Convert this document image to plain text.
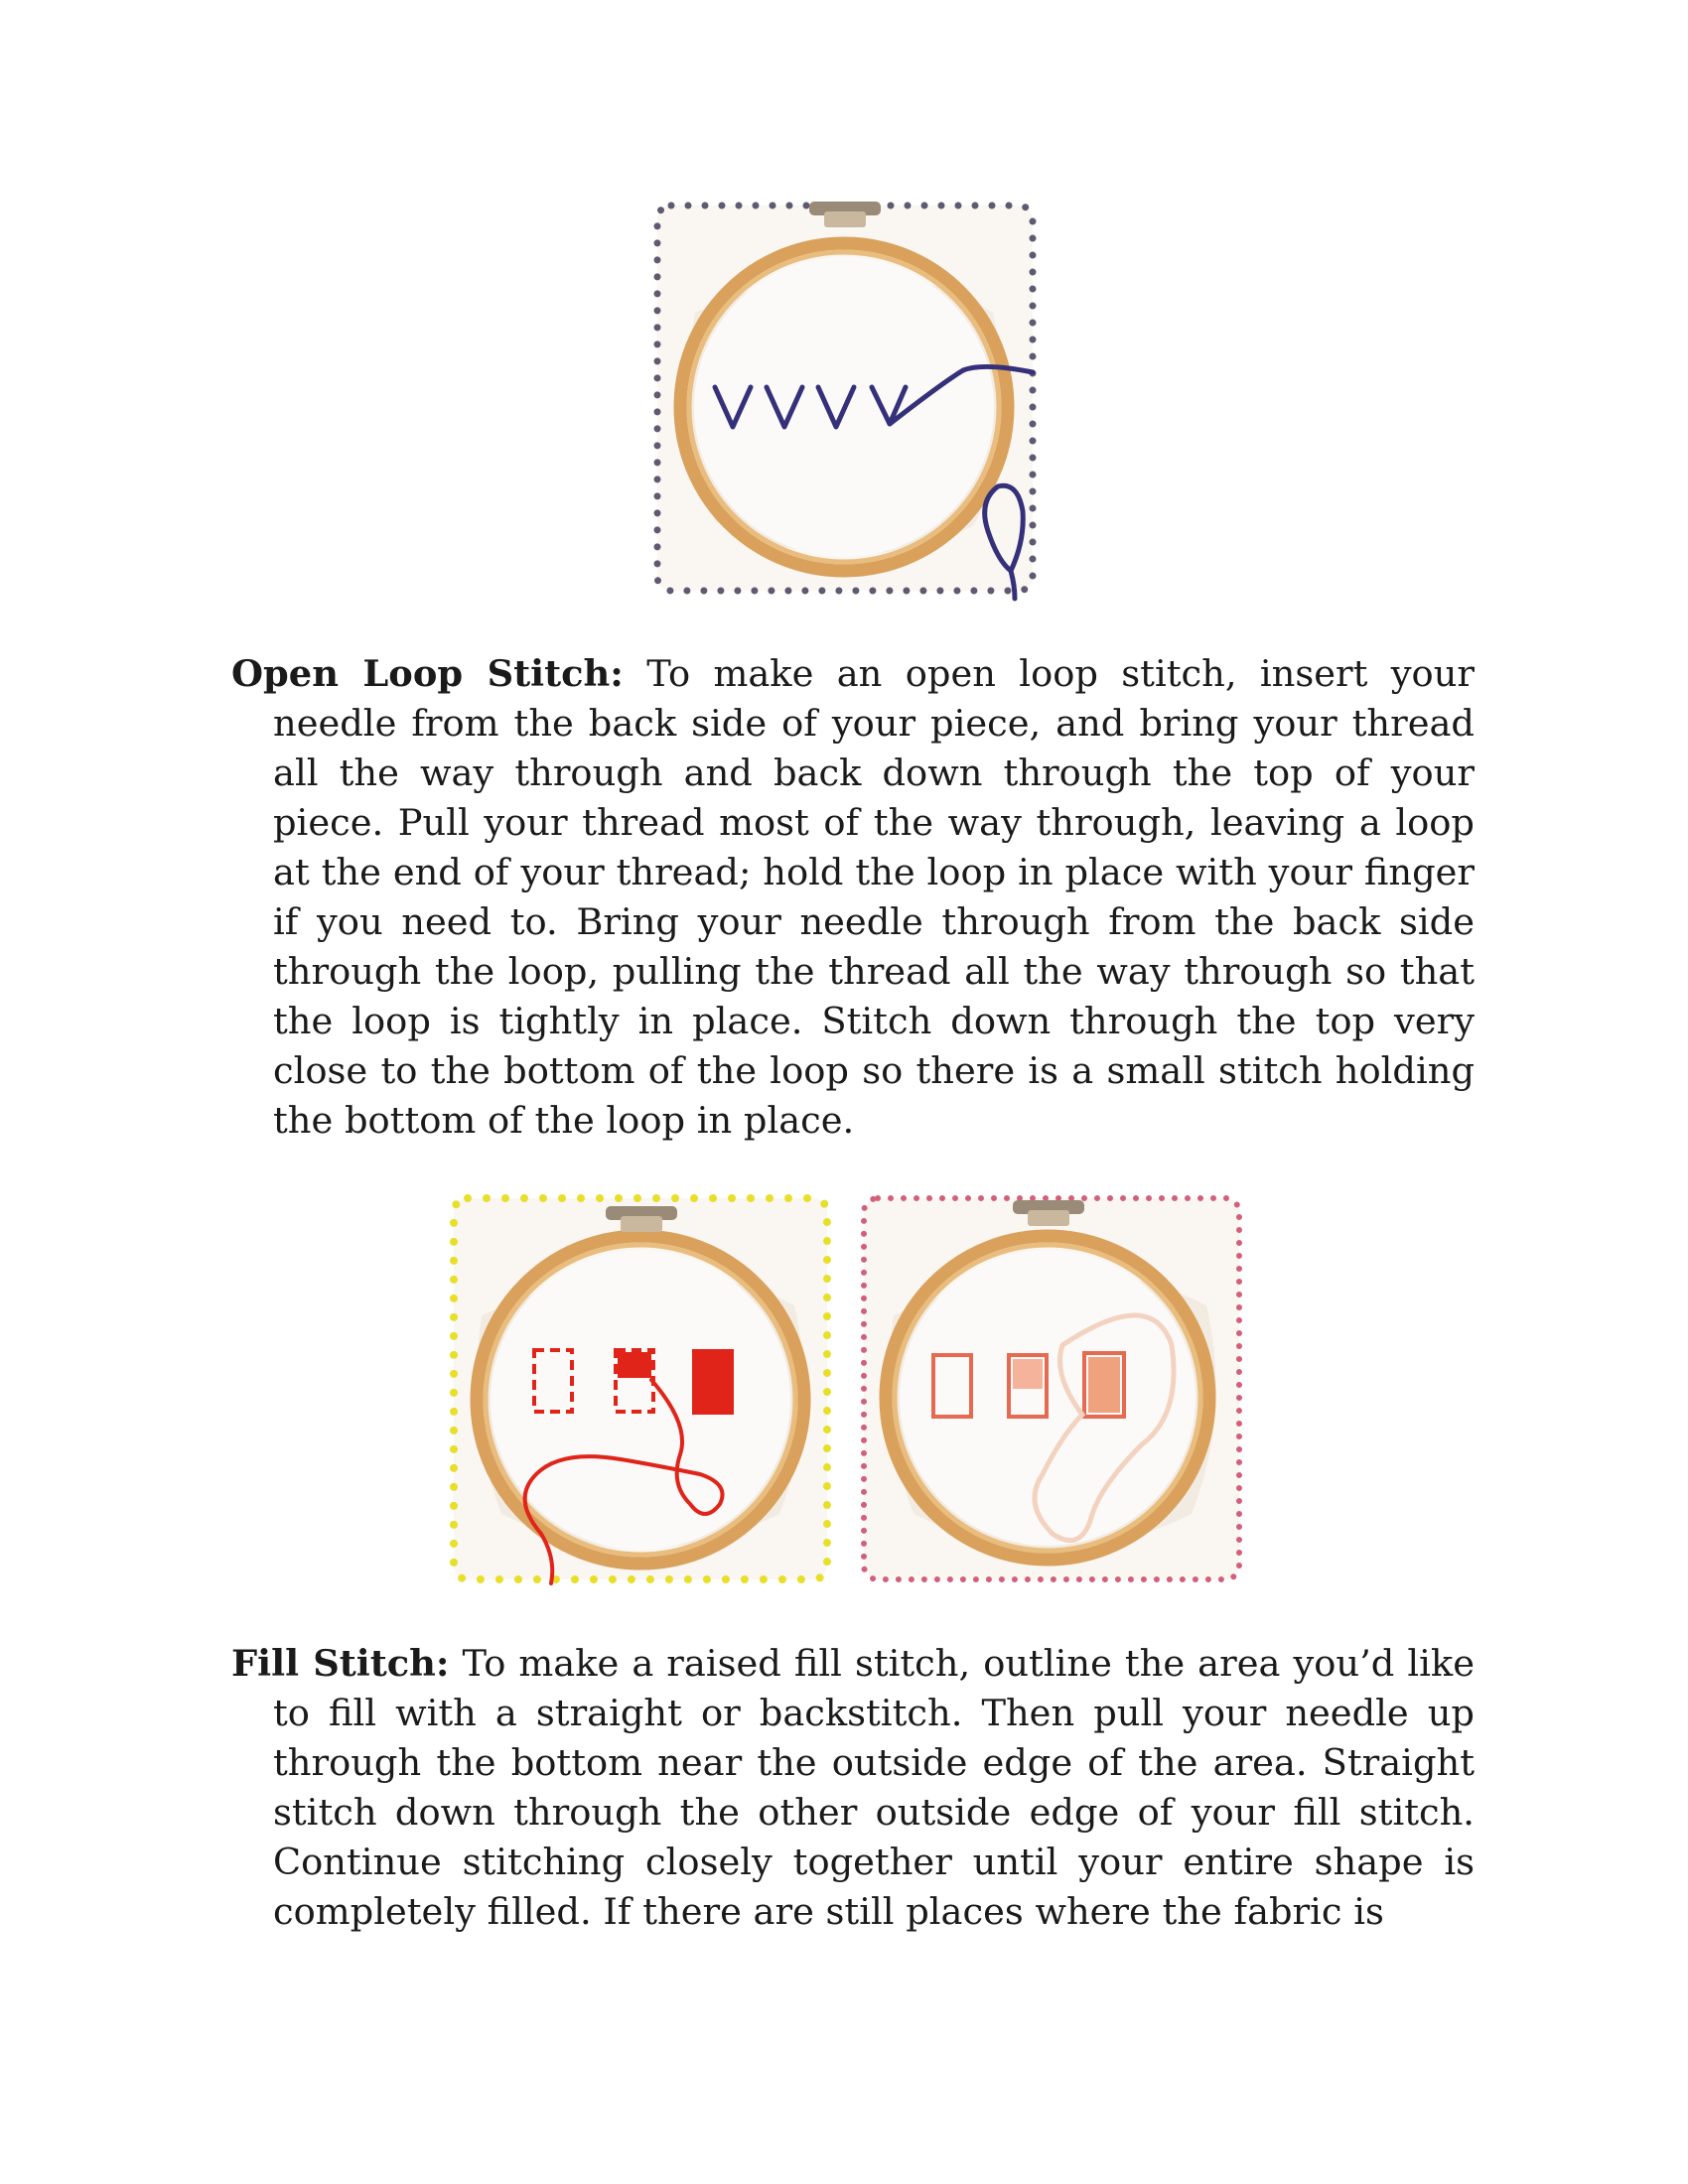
Open Loop Stitch: To make an open loop stitch, insert your needle from the back side of your piece, and bring your thread all the way through and back down through the top of your piece. Pull your thread most of the way through, leaving a loop at the end of your thread; hold the loop in place with your finger if you need to. Bring your needle through from the back side through the loop, pulling the thread all the way through so that the loop is tightly in place. Stitch down through the top very close to the bottom of the loop so there is a small stitch holding the bottom of the loop in place.

Fill Stitch: To make a raised fill stitch, outline the area you’d like to fill with a straight or backstitch. Then pull your needle up through the bottom near the outside edge of the area. Straight stitch down through the other outside edge of your fill stitch. Continue stitching closely together until your entire shape is completely filled. If there are still places where the fabric is
